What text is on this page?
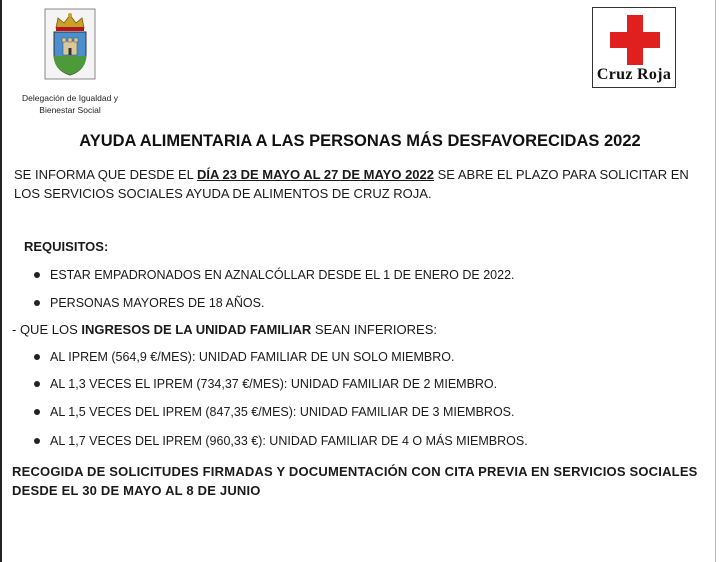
Delegación de Igualdad y Bienestar Social
Cruz Roja
AYUDA ALIMENTARIA A LAS PERSONAS MÁS DESFAVORECIDAS 2022
SE INFORMA QUE DESDE EL DÍA 23 DE MAYO AL 27 DE MAYO 2022 SE ABRE EL PLAZO PARA SOLICITAR EN LOS SERVICIOS SOCIALES AYUDA DE ALIMENTOS DE CRUZ ROJA.
REQUISITOS:
ESTAR EMPADRONADOS EN AZNALCÓLLAR DESDE EL 1 DE ENERO DE 2022.
PERSONAS MAYORES DE 18 AÑOS.
- QUE LOS INGRESOS DE LA UNIDAD FAMILIAR SEAN INFERIORES:
AL IPREM (564,9 €/MES): UNIDAD FAMILIAR DE UN SOLO MIEMBRO.
AL 1,3 VECES EL IPREM (734,37 €/MES): UNIDAD FAMILIAR DE 2 MIEMBRO.
AL 1,5 VECES DEL IPREM (847,35 €/MES): UNIDAD FAMILIAR DE 3 MIEMBROS.
AL 1,7 VECES DEL IPREM (960,33 €): UNIDAD FAMILIAR DE 4 O MÁS MIEMBROS.
RECOGIDA DE SOLICITUDES FIRMADAS Y DOCUMENTACIÓN CON CITA PREVIA EN SERVICIOS SOCIALES DESDE EL 30 DE MAYO AL 8 DE JUNIO
